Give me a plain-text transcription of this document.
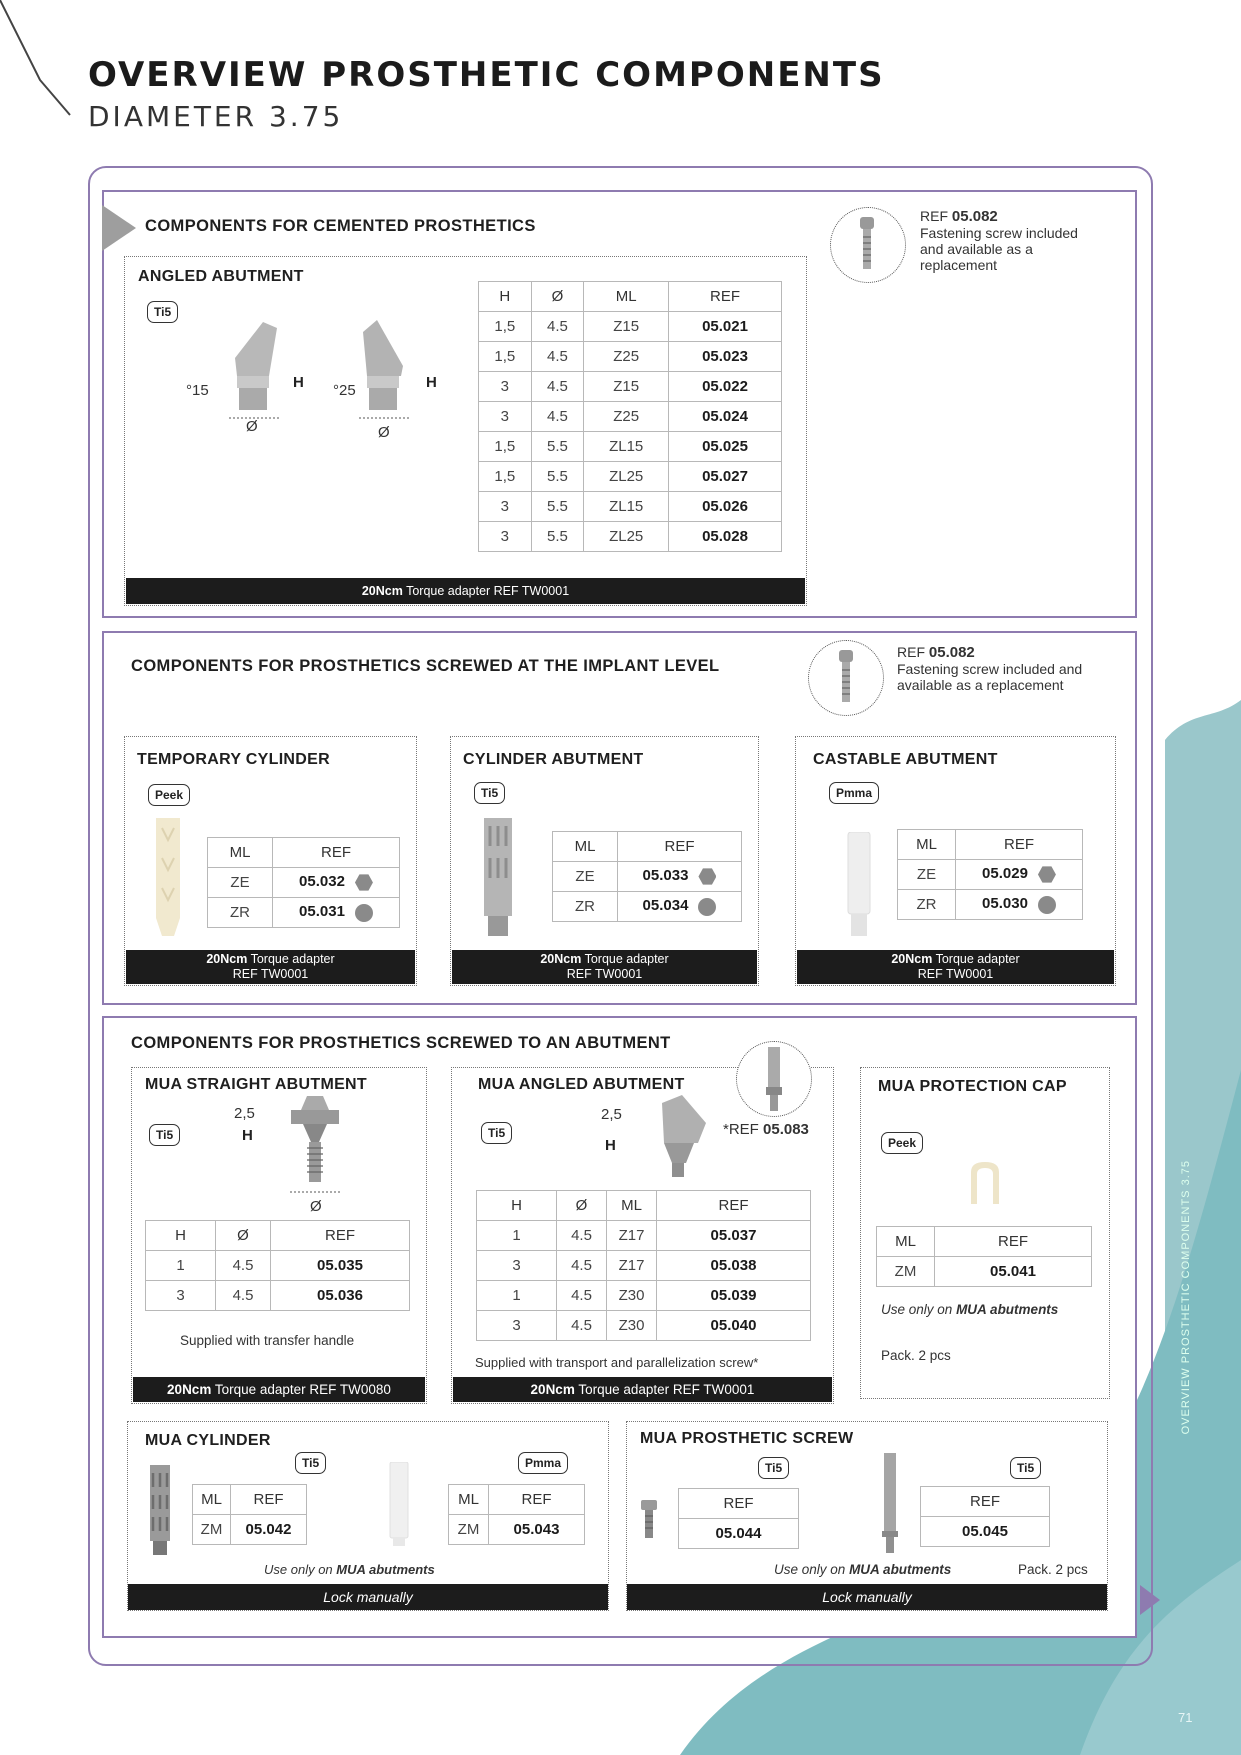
OVERVIEW PROSTHETIC COMPONENTS
DIAMETER 3.75
OVERVIEW PROSTHETIC COMPONENTS 3.75
71
COMPONENTS FOR CEMENTED PROSTHETICS
REF 05.082
Fastening screw included
and available as a
replacement
ANGLED ABUTMENT
Ti5
°15	H
Ø
°25	H
Ø
H	Ø	ML	REF
1,5	4.5	Z15	05.021
1,5	4.5	Z25	05.023
3	4.5	Z15	05.022
3	4.5	Z25	05.024
1,5	5.5	ZL15	05.025
1,5	5.5	ZL25	05.027
3	5.5	ZL15	05.026
3	5.5	ZL25	05.028
20Ncm Torque adapter REF TW0001
COMPONENTS FOR PROSTHETICS SCREWED AT THE IMPLANT LEVEL
REF 05.082
Fastening screw included and
available as a replacement
TEMPORARY CYLINDER
Peek
ML	REF
ZE	05.032
ZR	05.031
20Ncm Torque adapter
REF TW0001
CYLINDER ABUTMENT
Ti5
ML	REF
ZE	05.033
ZR	05.034
20Ncm Torque adapter
REF TW0001
CASTABLE ABUTMENT
Pmma
ML	REF
ZE	05.029
ZR	05.030
20Ncm Torque adapter
REF TW0001
COMPONENTS FOR PROSTHETICS SCREWED TO AN ABUTMENT
MUA STRAIGHT ABUTMENT
Ti5
2,5
H
Ø
H	Ø	REF
1	4.5	05.035
3	4.5	05.036
Supplied with transfer handle
20Ncm Torque adapter REF TW0080
MUA ANGLED ABUTMENT
Ti5
2,5
H
*REF 05.083
H	Ø	ML	REF
1	4.5	Z17	05.037
3	4.5	Z17	05.038
1	4.5	Z30	05.039
3	4.5	Z30	05.040
Supplied with transport and parallelization screw*
20Ncm Torque adapter REF TW0001
MUA PROTECTION CAP
Peek
ML	REF
ZM	05.041
Use only on MUA abutments
Pack. 2 pcs
MUA CYLINDER
Ti5	Pmma
ML	REF
ZM	05.042
ML	REF
ZM	05.043
Use only on MUA abutments
Lock manually
MUA PROSTHETIC SCREW
Ti5	Ti5
REF
05.044
REF
05.045
Use only on MUA abutments	Pack. 2 pcs
Lock manually
